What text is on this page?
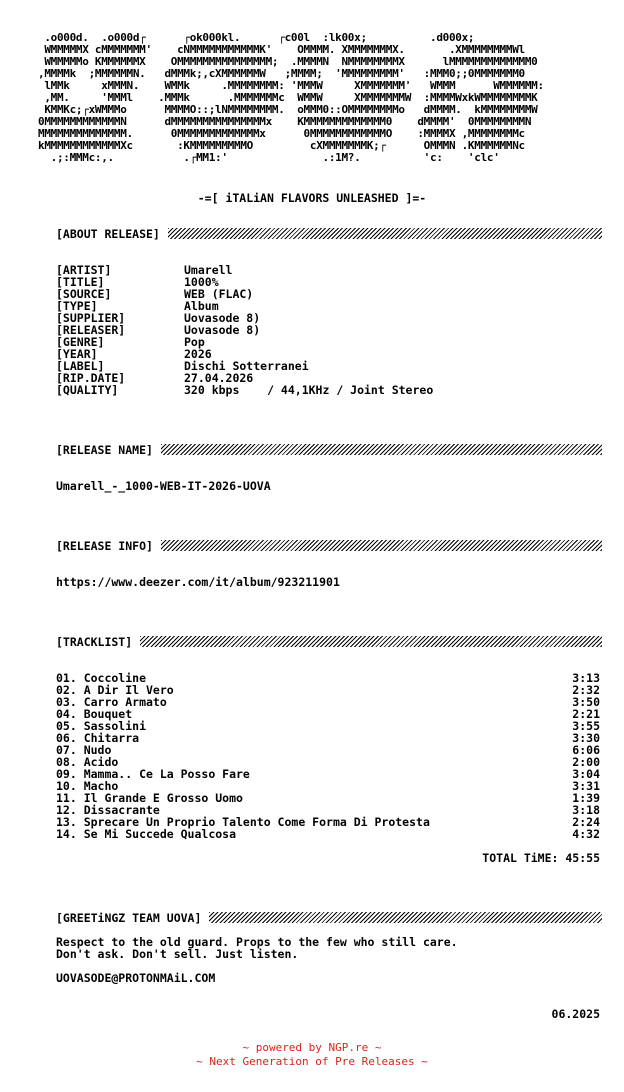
.o000d.  .o000d┌      ┌ok000kl.      ┌c00l  :lk00x;          .d000x;
WMMMMMX cMMMMMMM'    cNMMMMMMMMMMMK'    OMMMM. XMMMMMMMX.       .XMMMMMMMMWl
WMMMMMo KMMMMMMX    OMMMMMMMMMMMMMMM;  .MMMMN  NMMMMMMMMX      lMMMMMMMMMMMMM0
,MMMMk  ;MMMMMMN.   dMMMk;,cXMMMMMMW   ;MMMM;  'MMMMMMMMM'   :MMM0;;0MMMMMMM0
lMMk     xMMMN.    WMMk     .MMMMMMMM: 'MMMW     XMMMMMMM'   WMMM      WMMMMMM:
,MM.     'MMMl    .MMMk      .MMMMMMMc  WMMW     XMMMMMMMW  :MMMMWxkWMMMMMMMMK
KMMKc;┌xWMMMo      MMMMO::;lNMMMMMMMM.  oMMM0::OMMMMMMMMo   dMMMM.  kMMMMMMMMW
0MMMMMMMMMMMMN      dMMMMMMMMMMMMMMMx    KMMMMMMMMMMMMM0    dMMMM'  0MMMMMMMMN
MMMMMMMMMMMMMM.      0MMMMMMMMMMMMMx      0MMMMMMMMMMMMO    :MMMMX ,MMMMMMMMc
kMMMMMMMMMMMMXc       :KMMMMMMMMMO         cXMMMMMMMK;┌      OMMMN .KMMMMMMNc
.;:MMMc:,.           .┌MM1:'               .:1M?.          'c:    'clc'
-=[ iTALiAN FLAVORS UNLEASHED ]=-
[ABOUT RELEASE]
[ARTIST]	Umarell
[TITLE]	1000%
[SOURCE]	WEB (FLAC)
[TYPE]	Album
[SUPPLIER]	Uovasode 8)
[RELEASER]	Uovasode 8)
[GENRE]	Pop
[YEAR]	2026
[LABEL]	Dischi Sotterranei
[RIP.DATE]	27.04.2026
[QUALITY]	320 kbps    / 44,1KHz / Joint Stereo
[RELEASE NAME]
Umarell_-_1000-WEB-IT-2026-UOVA
[RELEASE INFO]
https://www.deezer.com/it/album/923211901
[TRACKLIST]
01. Coccoline	3:13
02. A Dir Il Vero	2:32
03. Carro Armato	3:50
04. Bouquet	2:21
05. Sassolini	3:55
06. Chitarra	3:30
07. Nudo	6:06
08. Acido	2:00
09. Mamma.. Ce La Posso Fare	3:04
10. Macho	3:31
11. Il Grande E Grosso Uomo	1:39
12. Dissacrante	3:18
13. Sprecare Un Proprio Talento Come Forma Di Protesta	2:24
14. Se Mi Succede Qualcosa	4:32
TOTAL TiME: 45:55
[GREETiNGZ TEAM UOVA]
Respect to the old guard. Props to the few who still care.
Don't ask. Don't sell. Just listen.
UOVASODE@PROTONMAiL.COM
06.2025
~ powered by NGP.re ~
~ Next Generation of Pre Releases ~
